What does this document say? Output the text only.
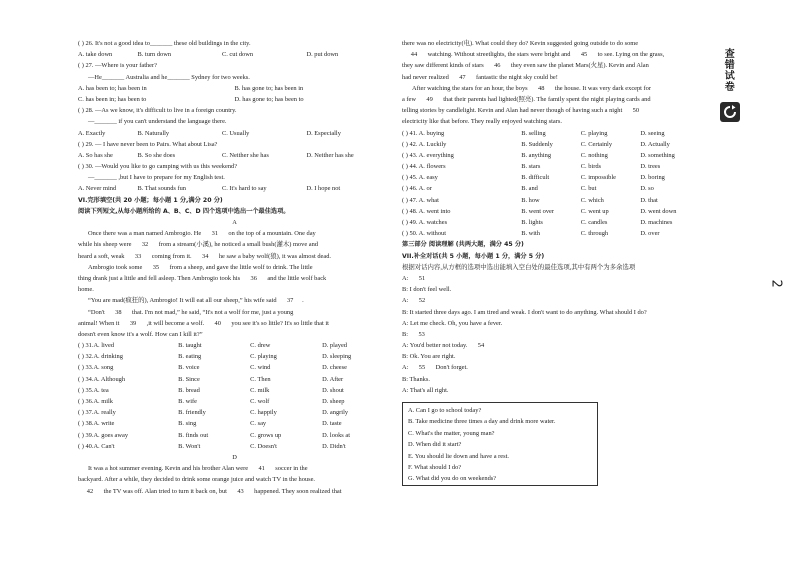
( ) 26. It's not a good idea to_______ these old buildings in the city.
A. take down	B. turn down	C. cut down	D. put down
( ) 27. —Where is your father?
—He_______ Australia and he_______ Sydney for two weeks.
A. has been to; has been in	B. has gone to; has been in
C. has been in; has been to	D. has gone to; has been to
( ) 28. —As we know, it's difficult to live in a foreign country.
—_______ if you can't understand the language there.
A. Exactly	B. Naturally	C. Usually	D. Especially
( ) 29. — I have never been to Pairs. What about Lisa?
A. So has she	B. So she does	C. Neither she has	D. Neither has she
( ) 30. —Would you like to go camping with us this weekend?
—_______ ,but I have to prepare for my English test.
A. Never mind	B. That sounds fun	C. It's hard to say	D. I hope not
VI.完形填空(共 20 小题；每小题 1 分,满分 20 分)
阅读下列短文,从每小题所给的 A、B、C、D 四个选项中选出一个最佳选项。
A
Once there was a man named Ambrogio. He 31 on the top of a mountain. One day
while his sheep were 32 from a stream(小溪), he noticed a small bush(灌木) move and
heard a soft, weak 33 coming from it. 34 he saw a baby wolf(狼), it was almost dead.
Ambrogio took some 35 from a sheep, and gave the little wolf to drink. The little
thing drank just a little and fell asleep. Then Ambrogio took his 36 and the little wolf back
home.
“You are mad(疯狂的), Ambrogio! It will eat all our sheep,” his wife said 37 .
“Don't 38 that. I'm not mad,” he said, “It's not a wolf for me, just a young
animal! When it 39 ,it will become a wolf. 40 you see it's so little? It's so little that it
doesn't even know it's a wolf. How can I kill it?”
( ) 31.A. lived	B. taught	C. drew	D. played
( ) 32.A. drinking	B. eating	C. playing	D. sleeping
( ) 33.A. song	B. voice	C. wind	D. cheese
( ) 34.A. Although	B. Since	C. Then	D. After
( ) 35.A. tea	B. bread	C. milk	D. shout
( ) 36.A. milk	B. wife	C. wolf	D. sheep
( ) 37.A. really	B. friendly	C. happily	D. angrily
( ) 38.A. write	B. sing	C. say	D. taste
( ) 39.A. goes away	B. finds out	C. grows up	D. looks at
( ) 40.A. Can't	B. Won't	C. Doesn't	D. Didn't
D
It was a hot summer evening. Kevin and his brother Alan were 41 soccer in the
backyard. After a while, they decided to drink some orange juice and watch TV in the house.
42 the TV was off. Alan tried to turn it back on, but 43 happened. They soon realized that
there was no electricity(电). What could they do? Kevin suggested going outside to do some
44 watching. Without streetlights, the stars were bright and 45 to see. Lying on the grass,
they saw different kinds of stars 46 they even saw the planet Mars(火星). Kevin and Alan
had never realized 47 fantastic the night sky could be!
After watching the stars for an hour, the boys 48 the house. It was very dark except for
a few 49 that their parents had lighted(照亮). The family spent the night playing cards and
telling stories by candlelight. Kevin and Alan had never though of having such a night 50
electricity like that before. They really enjoyed watching stars.
( ) 41. A. buying	B. selling	C. playing	D. seeing
( ) 42. A. Luckily	B. Suddenly	C. Certainly	D. Actually
( ) 43. A. everything	B. anything	C. nothing	D. something
( ) 44. A. flowers	B. stars	C. birds	D. trees
( ) 45. A. easy	B. difficult	C. impossible	D. boring
( ) 46. A. or	B. and	C. but	D. so
( ) 47. A. what	B. how	C. which	D. that
( ) 48. A. went into	B. went over	C. went up	D. went down
( ) 49. A. watches	B. lights	C. candles	D. machines
( ) 50. A. without	B. with	C. through	D. over
第三部分 阅读理解 (共两大题，满分 45 分)
VII.补全对话(共 5 小题，每小题 1 分，满分 5 分)
根据对话内容,从方框的选项中选出能填入空白处的最佳选项,其中有两个为多余选项
A: 51
B: I don't feel well.
A: 52
B: It started three days ago. I am tired and weak. I don't want to do anything. What should I do?
A: Let me check. Oh, you have a fever.
B: 53
A: You'd better not today. 54
B: Ok. You are right.
A: 55 Don't forget.
B: Thanks.
A: That's all right.
A. Can I go to school today?
B. Take medicine three times a day and drink more water.
C. What's the matter, young man?
D. When did it start?
E. You should lie down and have a rest.
F. What should I do?
G. What did you do on weekends?
查错试卷
2
